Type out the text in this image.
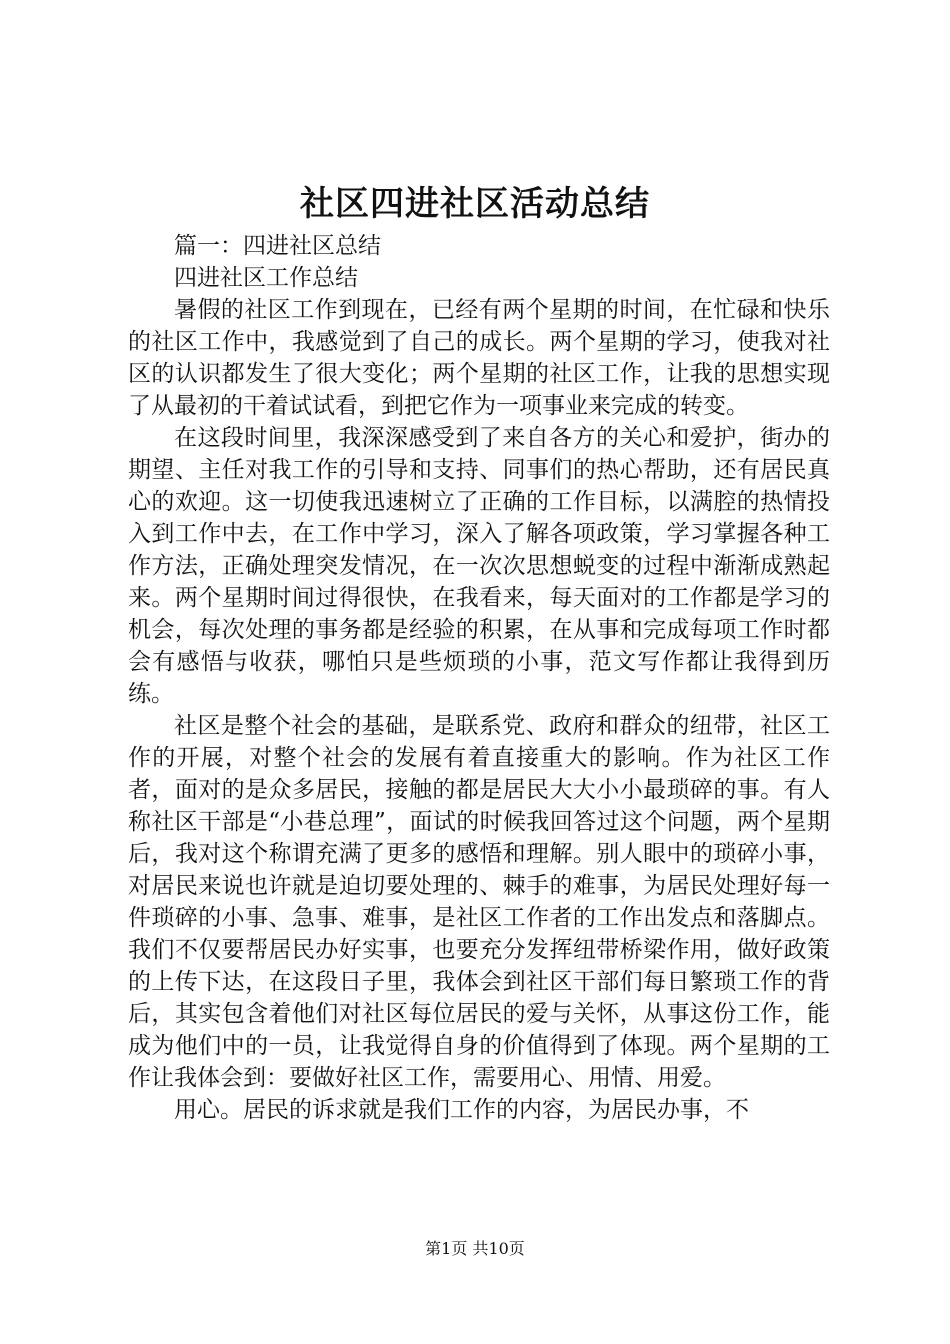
社区四进社区活动总结

篇一：四进社区总结

四进社区工作总结

暑假的社区工作到现在，已经有两个星期的时间，在忙碌和快乐的社区工作中，我感觉到了自己的成长。两个星期的学习，使我对社区的认识都发生了很大变化；两个星期的社区工作，让我的思想实现了从最初的干着试试看，到把它作为一项事业来完成的转变。

在这段时间里，我深深感受到了来自各方的关心和爱护，街办的期望、主任对我工作的引导和支持、同事们的热心帮助，还有居民真心的欢迎。这一切使我迅速树立了正确的工作目标，以满腔的热情投入到工作中去，在工作中学习，深入了解各项政策，学习掌握各种工作方法，正确处理突发情况，在一次次思想蜕变的过程中渐渐成熟起来。两个星期时间过得很快，在我看来，每天面对的工作都是学习的机会，每次处理的事务都是经验的积累，在从事和完成每项工作时都会有感悟与收获，哪怕只是些烦琐的小事，范文写作都让我得到历练。

社区是整个社会的基础，是联系党、政府和群众的纽带，社区工作的开展，对整个社会的发展有着直接重大的影响。作为社区工作者，面对的是众多居民，接触的都是居民大大小小最琐碎的事。有人称社区干部是“小巷总理”，面试的时候我回答过这个问题，两个星期后，我对这个称谓充满了更多的感悟和理解。别人眼中的琐碎小事，对居民来说也许就是迫切要处理的、棘手的难事，为居民处理好每一件琐碎的小事、急事、难事，是社区工作者的工作出发点和落脚点。我们不仅要帮居民办好实事，也要充分发挥纽带桥梁作用，做好政策的上传下达，在这段日子里，我体会到社区干部们每日繁琐工作的背后，其实包含着他们对社区每位居民的爱与关怀，从事这份工作，能成为他们中的一员，让我觉得自身的价值得到了体现。两个星期的工作让我体会到：要做好社区工作，需要用心、用情、用爱。

用心。居民的诉求就是我们工作的内容，为居民办事，不

第1页 共10页
